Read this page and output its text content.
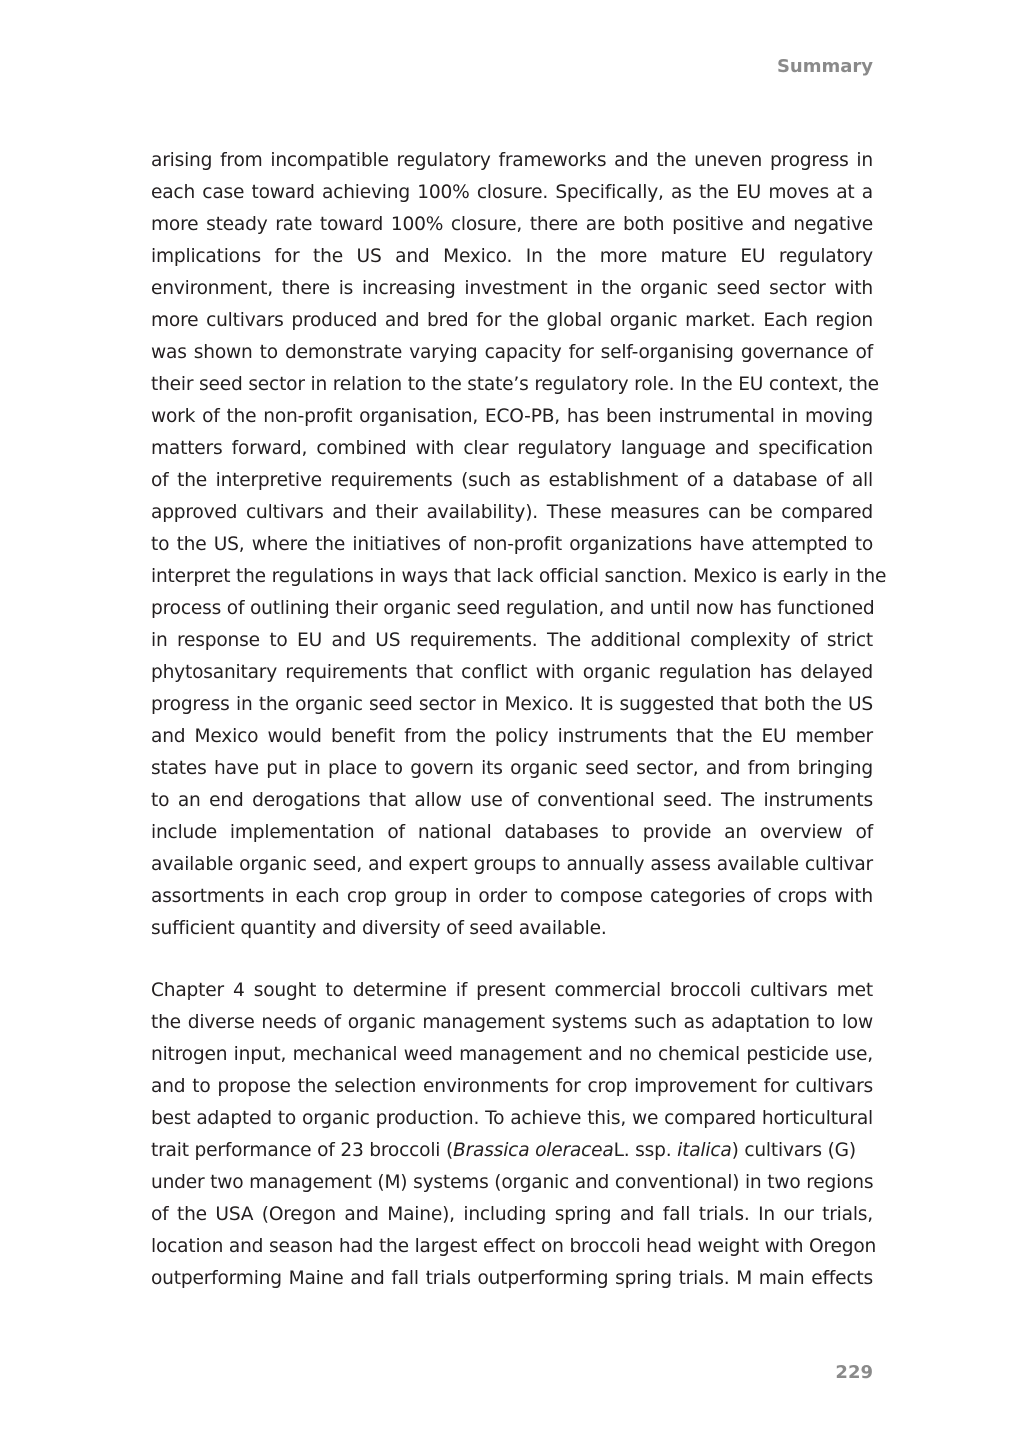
Summary
arising from incompatible regulatory frameworks and the uneven progress in
each case toward achieving 100% closure. Specifically, as the EU moves at a
more steady rate toward 100% closure, there are both positive and negative
implications for the US and Mexico. In the more mature EU regulatory
environment, there is increasing investment in the organic seed sector with
more cultivars produced and bred for the global organic market. Each region
was shown to demonstrate varying capacity for self-organising governance of
their seed sector in relation to the state’s regulatory role. In the EU context, the
work of the non-profit organisation, ECO-PB, has been instrumental in moving
matters forward, combined with clear regulatory language and specification
of the interpretive requirements (such as establishment of a database of all
approved cultivars and their availability). These measures can be compared
to the US, where the initiatives of non-profit organizations have attempted to
interpret the regulations in ways that lack official sanction. Mexico is early in the
process of outlining their organic seed regulation, and until now has functioned
in response to EU and US requirements. The additional complexity of strict
phytosanitary requirements that conflict with organic regulation has delayed
progress in the organic seed sector in Mexico. It is suggested that both the US
and Mexico would benefit from the policy instruments that the EU member
states have put in place to govern its organic seed sector, and from bringing
to an end derogations that allow use of conventional seed. The instruments
include implementation of national databases to provide an overview of
available organic seed, and expert groups to annually assess available cultivar
assortments in each crop group in order to compose categories of crops with
sufficient quantity and diversity of seed available.
Chapter 4 sought to determine if present commercial broccoli cultivars met
the diverse needs of organic management systems such as adaptation to low
nitrogen input, mechanical weed management and no chemical pesticide use,
and to propose the selection environments for crop improvement for cultivars
best adapted to organic production. To achieve this, we compared horticultural
trait performance of 23 broccoli (Brassica oleraceaL. ssp. italica) cultivars (G)
under two management (M) systems (organic and conventional) in two regions
of the USA (Oregon and Maine), including spring and fall trials. In our trials,
location and season had the largest effect on broccoli head weight with Oregon
outperforming Maine and fall trials outperforming spring trials. M main effects
229
